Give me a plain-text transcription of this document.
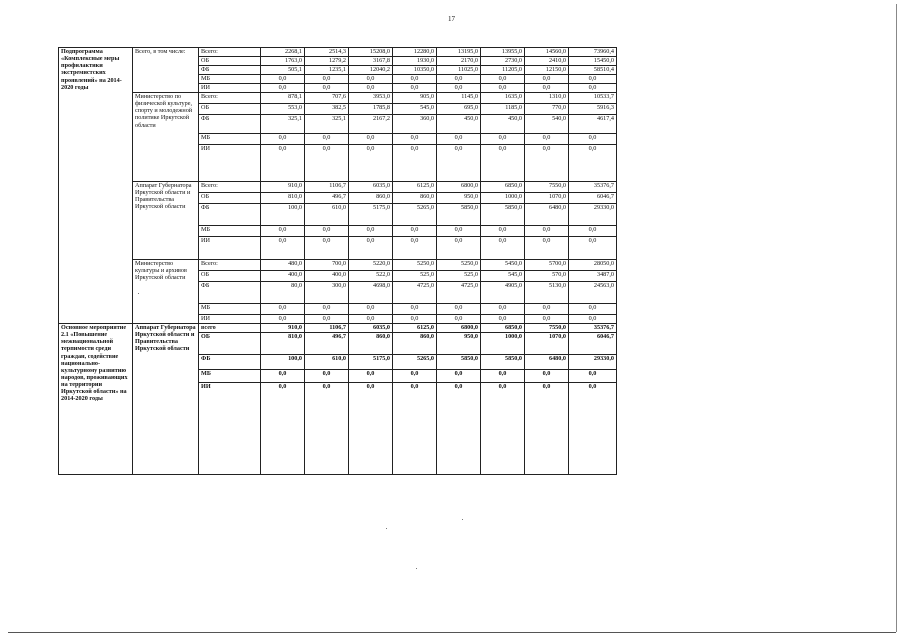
17
Подпрограмма «Комплексные меры профилактики экстремистских проявлений» на 2014-2020 годы	Всего, в том числе:	Всего:	2268,1	2514,3	15208,0	12280,0	13195,0	13955,0	14560,0	73960,4
		ОБ	1763,0	1279,2	3167,8	1930,0	2170,0	2730,0	2410,0	15450,0
		ФБ	505,1	1235,1	12040,2	10350,0	11025,0	11205,0	12150,0	58510,4
		МБ	0,0	0,0	0,0	0,0	0,0	0,0	0,0	0,0
		ИИ	0,0	0,0	0,0	0,0	0,0	0,0	0,0	0,0
	Министерство по физической культуре, спорту и молодежной политике Иркутской области	Всего:	878,1	707,6	3953,0	905,0	1145,0	1635,0	1310,0	10533,7
		ОБ	553,0	382,5	1785,8	545,0	695,0	1185,0	770,0	5916,3
		ФБ	325,1	325,1	2167,2	360,0	450,0	450,0	540,0	4617,4
		МБ	0,0	0,0	0,0	0,0	0,0	0,0	0,0	0,0
		ИИ	0,0	0,0	0,0	0,0	0,0	0,0	0,0	0,0
	Аппарат Губернатора Иркутской области и Правительства Иркутской области	Всего:	910,0	1106,7	6035,0	6125,0	6800,0	6850,0	7550,0	35376,7
		ОБ	810,0	496,7	860,0	860,0	950,0	1000,0	1070,0	6046,7
		ФБ	100,0	610,0	5175,0	5265,0	5850,0	5850,0	6480,0	29330,0
		МБ	0,0	0,0	0,0	0,0	0,0	0,0	0,0	0,0
		ИИ	0,0	0,0	0,0	0,0	0,0	0,0	0,0	0,0
	Министерство культуры и архивов Иркутской области	Всего:	480,0	700,0	5220,0	5250,0	5250,0	5450,0	5700,0	28050,0
		ОБ	400,0	400,0	522,0	525,0	525,0	545,0	570,0	3487,0
		ФБ	80,0	300,0	4698,0	4725,0	4725,0	4905,0	5130,0	24563,0
		МБ	0,0	0,0	0,0	0,0	0,0	0,0	0,0	0,0
		ИИ	0,0	0,0	0,0	0,0	0,0	0,0	0,0	0,0
Основное мероприятие 2.1 «Повышение межнациональной терпимости среди граждан, содействие национально-культурному развитию народов, проживающих на территории Иркутской области» на 2014-2020 годы	Аппарат Губернатора Иркутской области и Правительства Иркутской области	всего	910,0	1106,7	6035,0	6125,0	6800,0	6850,0	7550,0	35376,7
		ОБ	810,0	496,7	860,0	860,0	950,0	1000,0	1070,0	6046,7
		ФБ	100,0	610,0	5175,0	5265,0	5850,0	5850,0	6480,0	29330,0
		МБ	0,0	0,0	0,0	0,0	0,0	0,0	0,0	0,0
		ИИ	0,0	0,0	0,0	0,0	0,0	0,0	0,0	0,0
